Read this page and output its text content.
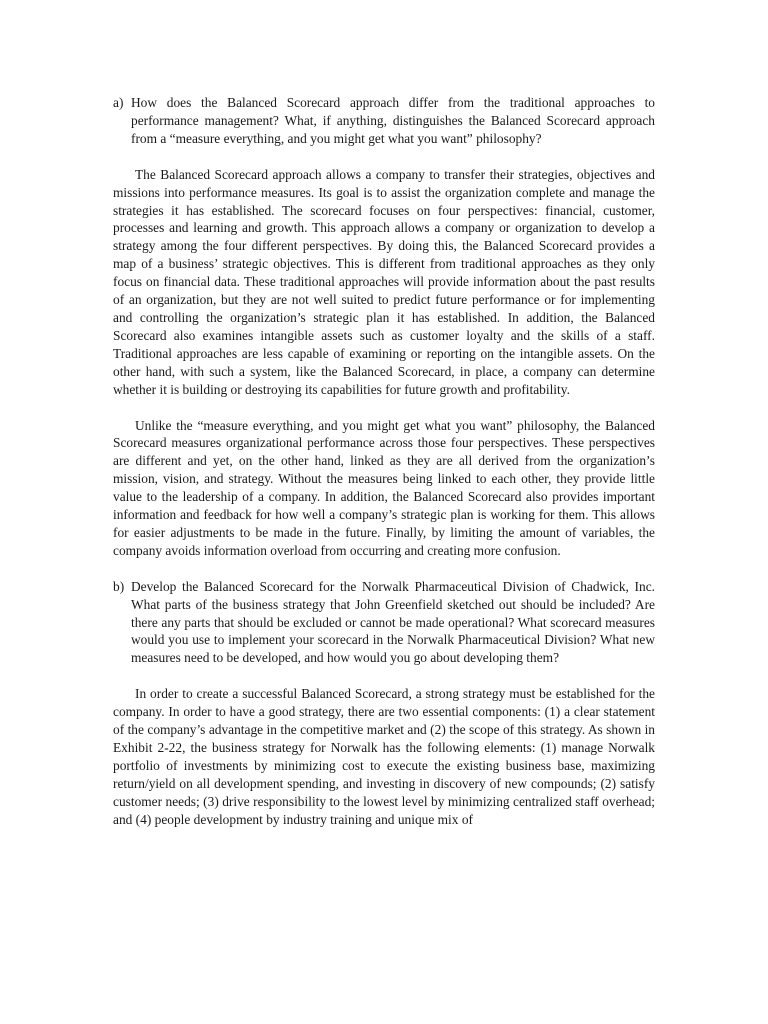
a) How does the Balanced Scorecard approach differ from the traditional approaches to performance management? What, if anything, distinguishes the Balanced Scorecard approach from a “measure everything, and you might get what you want” philosophy?

The Balanced Scorecard approach allows a company to transfer their strategies, objectives and missions into performance measures. Its goal is to assist the organization complete and manage the strategies it has established. The scorecard focuses on four perspectives: financial, customer, processes and learning and growth. This approach allows a company or organization to develop a strategy among the four different perspectives. By doing this, the Balanced Scorecard provides a map of a business’ strategic objectives. This is different from traditional approaches as they only focus on financial data. These traditional approaches will provide information about the past results of an organization, but they are not well suited to predict future performance or for implementing and controlling the organization’s strategic plan it has established. In addition, the Balanced Scorecard also examines intangible assets such as customer loyalty and the skills of a staff. Traditional approaches are less capable of examining or reporting on the intangible assets. On the other hand, with such a system, like the Balanced Scorecard, in place, a company can determine whether it is building or destroying its capabilities for future growth and profitability.

Unlike the “measure everything, and you might get what you want” philosophy, the Balanced Scorecard measures organizational performance across those four perspectives. These perspectives are different and yet, on the other hand, linked as they are all derived from the organization’s mission, vision, and strategy. Without the measures being linked to each other, they provide little value to the leadership of a company. In addition, the Balanced Scorecard also provides important information and feedback for how well a company’s strategic plan is working for them. This allows for easier adjustments to be made in the future. Finally, by limiting the amount of variables, the company avoids information overload from occurring and creating more confusion.

b) Develop the Balanced Scorecard for the Norwalk Pharmaceutical Division of Chadwick, Inc. What parts of the business strategy that John Greenfield sketched out should be included? Are there any parts that should be excluded or cannot be made operational? What scorecard measures would you use to implement your scorecard in the Norwalk Pharmaceutical Division? What new measures need to be developed, and how would you go about developing them?

In order to create a successful Balanced Scorecard, a strong strategy must be established for the company. In order to have a good strategy, there are two essential components: (1) a clear statement of the company’s advantage in the competitive market and (2) the scope of this strategy. As shown in Exhibit 2-22, the business strategy for Norwalk has the following elements: (1) manage Norwalk portfolio of investments by minimizing cost to execute the existing business base, maximizing return/yield on all development spending, and investing in discovery of new compounds; (2) satisfy customer needs; (3) drive responsibility to the lowest level by minimizing centralized staff overhead; and (4) people development by industry training and unique mix of
